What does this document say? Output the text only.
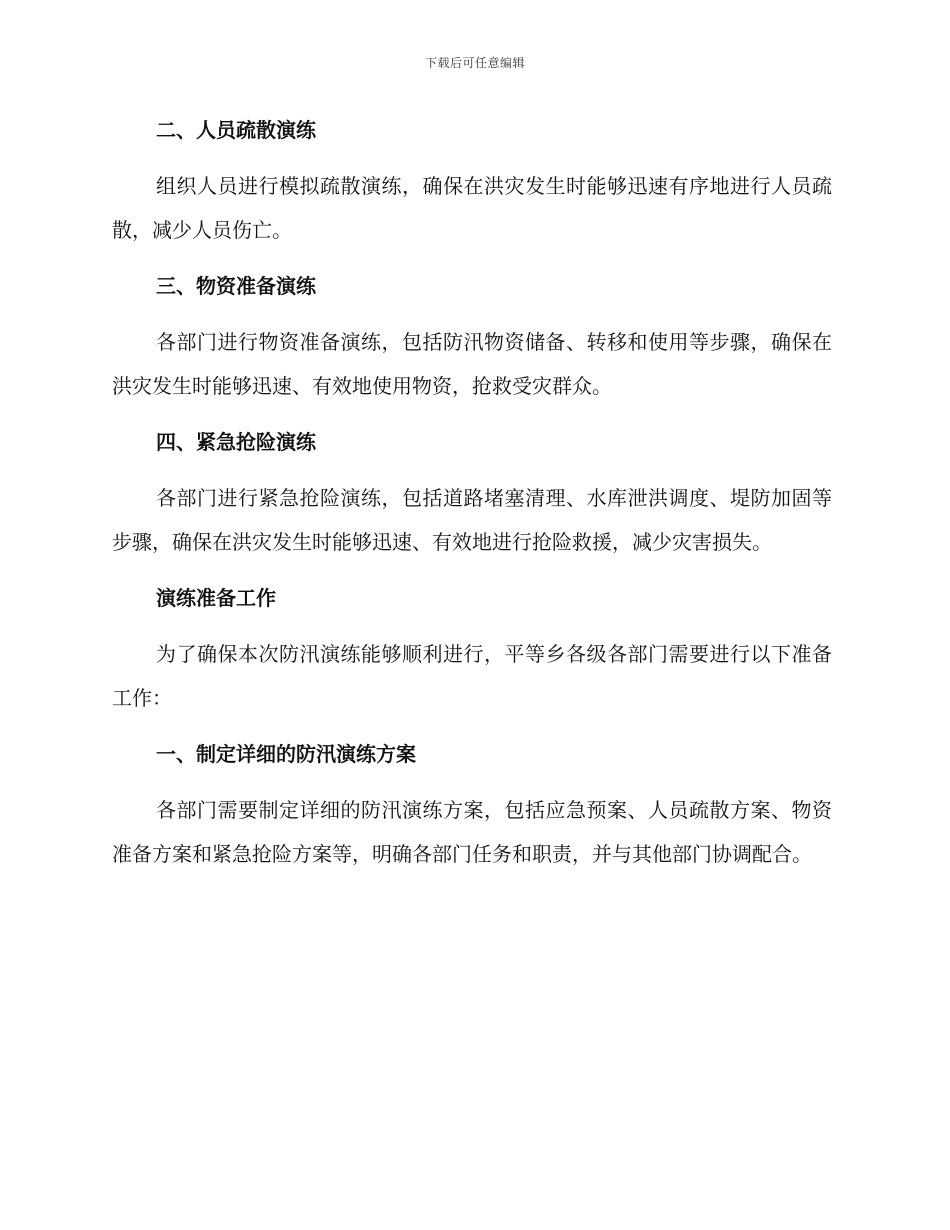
下载后可任意编辑

二、人员疏散演练

组织人员进行模拟疏散演练，确保在洪灾发生时能够迅速有序地进行人员疏散，减少人员伤亡。

三、物资准备演练

各部门进行物资准备演练，包括防汛物资储备、转移和使用等步骤，确保在洪灾发生时能够迅速、有效地使用物资，抢救受灾群众。

四、紧急抢险演练

各部门进行紧急抢险演练，包括道路堵塞清理、水库泄洪调度、堤防加固等步骤，确保在洪灾发生时能够迅速、有效地进行抢险救援，减少灾害损失。

演练准备工作

为了确保本次防汛演练能够顺利进行，平等乡各级各部门需要进行以下准备工作：

一、制定详细的防汛演练方案

各部门需要制定详细的防汛演练方案，包括应急预案、人员疏散方案、物资准备方案和紧急抢险方案等，明确各部门任务和职责，并与其他部门协调配合。
